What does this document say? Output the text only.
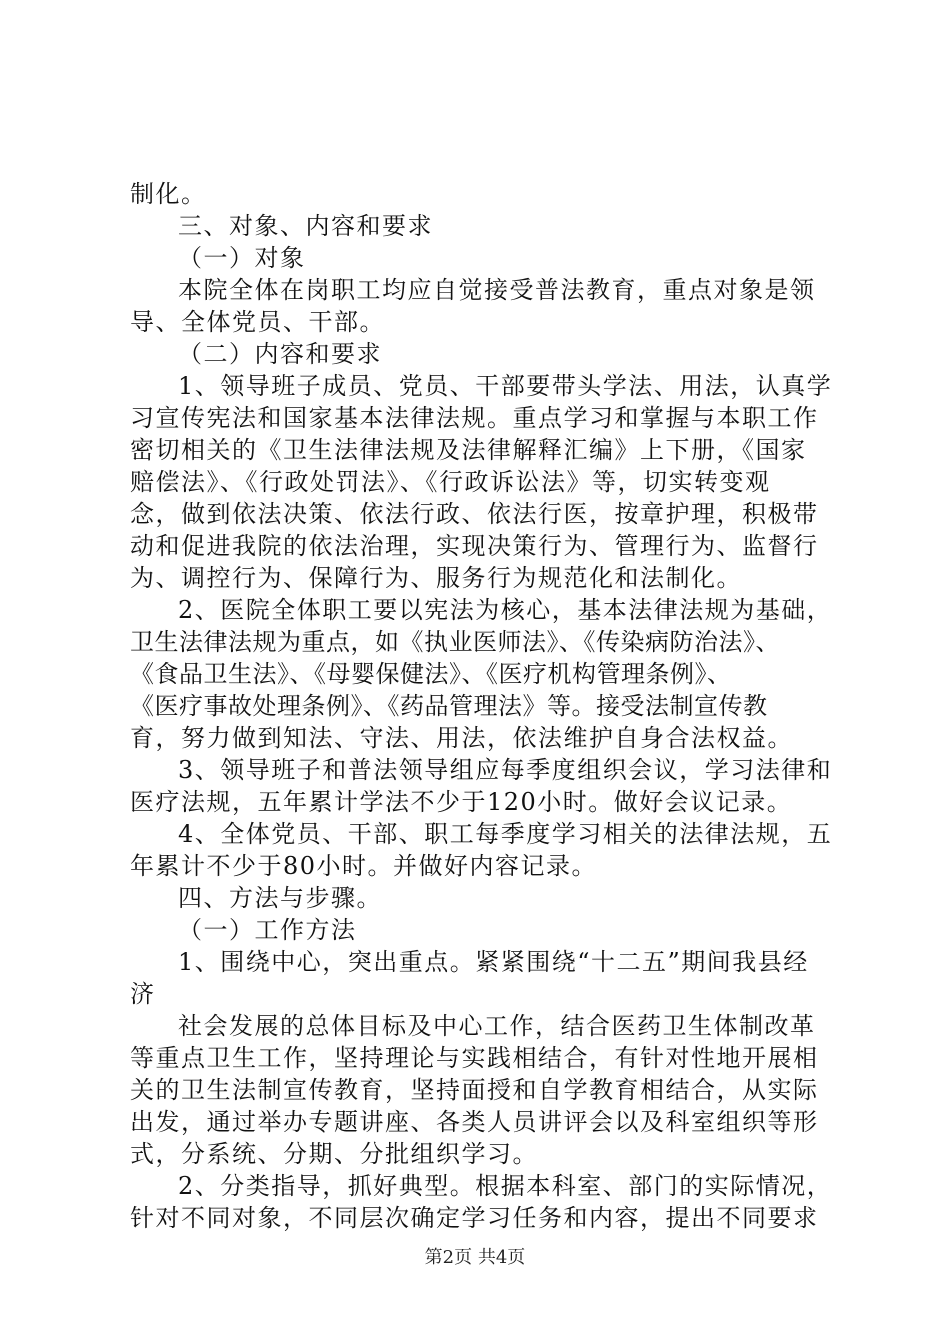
制化。
三、对象、内容和要求
（一）对象
本院全体在岗职工均应自觉接受普法教育，重点对象是领
导、全体党员、干部。
（二）内容和要求
1、领导班子成员、党员、干部要带头学法、用法，认真学
习宣传宪法和国家基本法律法规。重点学习和掌握与本职工作
密切相关的《卫生法律法规及法律解释汇编》上下册，《国家
赔偿法》、《行政处罚法》、《行政诉讼法》等，切实转变观
念，做到依法决策、依法行政、依法行医，按章护理，积极带
动和促进我院的依法治理，实现决策行为、管理行为、监督行
为、调控行为、保障行为、服务行为规范化和法制化。
2、医院全体职工要以宪法为核心，基本法律法规为基础，
卫生法律法规为重点，如《执业医师法》、《传染病防治法》、
《食品卫生法》、《母婴保健法》、《医疗机构管理条例》、
《医疗事故处理条例》、《药品管理法》等。接受法制宣传教
育，努力做到知法、守法、用法，依法维护自身合法权益。
3、领导班子和普法领导组应每季度组织会议，学习法律和
医疗法规，五年累计学法不少于120小时。做好会议记录。
4、全体党员、干部、职工每季度学习相关的法律法规，五
年累计不少于80小时。并做好内容记录。
四、方法与步骤。
（一）工作方法
1、围绕中心，突出重点。紧紧围绕“十二五”期间我县经
济
社会发展的总体目标及中心工作，结合医药卫生体制改革
等重点卫生工作，坚持理论与实践相结合，有针对性地开展相
关的卫生法制宣传教育，坚持面授和自学教育相结合，从实际
出发，通过举办专题讲座、各类人员讲评会以及科室组织等形
式，分系统、分期、分批组织学习。
2、分类指导，抓好典型。根据本科室、部门的实际情况，
针对不同对象，不同层次确定学习任务和内容，提出不同要求
第2页 共4页
